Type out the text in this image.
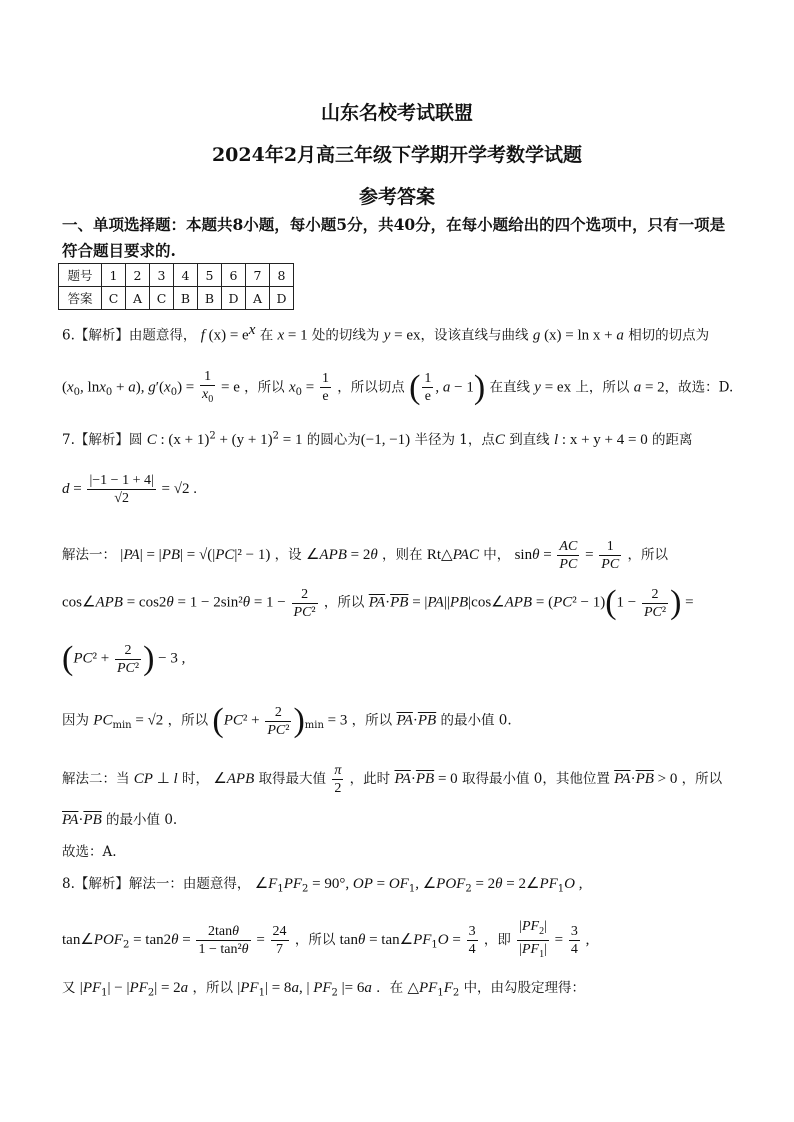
山东名校考试联盟
2024年2月高三年级下学期开学考数学试题
参考答案
一、单项选择题：本题共8小题，每小题5分，共40分，在每小题给出的四个选项中，只有一项是符合题目要求的.
题号	1	2	3	4	5	6	7	8
答案	C	A	C	B	B	D	A	D
6.【解析】由题意得， f $(x) = e^x$ 在 x = 1 处的切线为 y = ex，设该直线与曲线 g (x) = ln x + a 相切的切点为
($x_0$, lnx$_0$ + a), $g'(x_0) = \frac{1}{x_0} = e$ ，所以 $x_0 = \frac{1}{e}$ ，所以切点 ( $\frac{1}{e}$ , a − 1) 在直线 y = ex 上，所以 a = 2，故选：D.
7.【解析】圆 C : $(x + 1)^2 + (y + 1)^2 = 1$ 的圆心为(−1, −1) 半径为 1，点C 到直线 l : x + y + 4 = 0 的距离
$d = \frac{|-1 - 1 + 4|}{√2} = √2$ .
解法一： |PA| = |PB| = √(|PC|² − 1) ，设 ∠APB = 2θ ，则在 Rt△PAC 中， $\sin\theta = \frac{AC}{PC} = \frac{1}{PC}$ ，所以
cos∠APB = $\cos 2\theta = 1 - 2\sin^2\theta = 1 - \frac{2}{\text{PC²}}$ ，所以 $\overline{PA}\cdot\overline{PB}$ = |PA||PB|cos∠APB = $(PC^2 - 1)(1 - \frac{2}{\text{PC²}}$ ) =
($PC^2 + \frac{2}{\text{PC²}}$ ) − 3 ,
因为 $PC_{min} = √2$ ，所以 $(PC^2 + \frac{2}{\text{PC²}} )_{min} = 3$ ，所以 $\overline{PA}\cdot\overline{PB}$ 的最小值 0.
解法二：当 CP ⊥ l 时， ∠APB 取得最大值 $\frac{\pi}{2}$ ，此时 $\overline{PA}\cdot\overline{PB} = 0$ 取得最小值 0，其他位置 $\overline{PA}\cdot\overline{PB} > 0$ ，所以
$\overline{PA}\cdot\overline{PB}$ 的最小值 0.
故选：A.
8.【解析】解法一：由题意得， $\angle F_1PF_2 = 90^\circ$, OP = $OF_1$, $\angle POF_2 = 2\theta$ = $2\angle PF_1O$ ,
$\tan\angle POF_2 = \tan 2\theta = \frac{2\tan\theta}{\text{1 − tan²θ}} = \frac{24}{7}$ ，所以 $\tan\theta = \tan\angle PF_1O = \frac{3}{4}$ ，即 $\frac{|PF_2|}{|PF_1|} = \frac{3}{4}$ ,
又 $|PF_1| - |PF_2| = 2a$ ，所以 $|PF_1| = 8a$, | $PF_2$ |= 6a ．在 $\triangle PF_1F_2$ 中，由勾股定理得：
